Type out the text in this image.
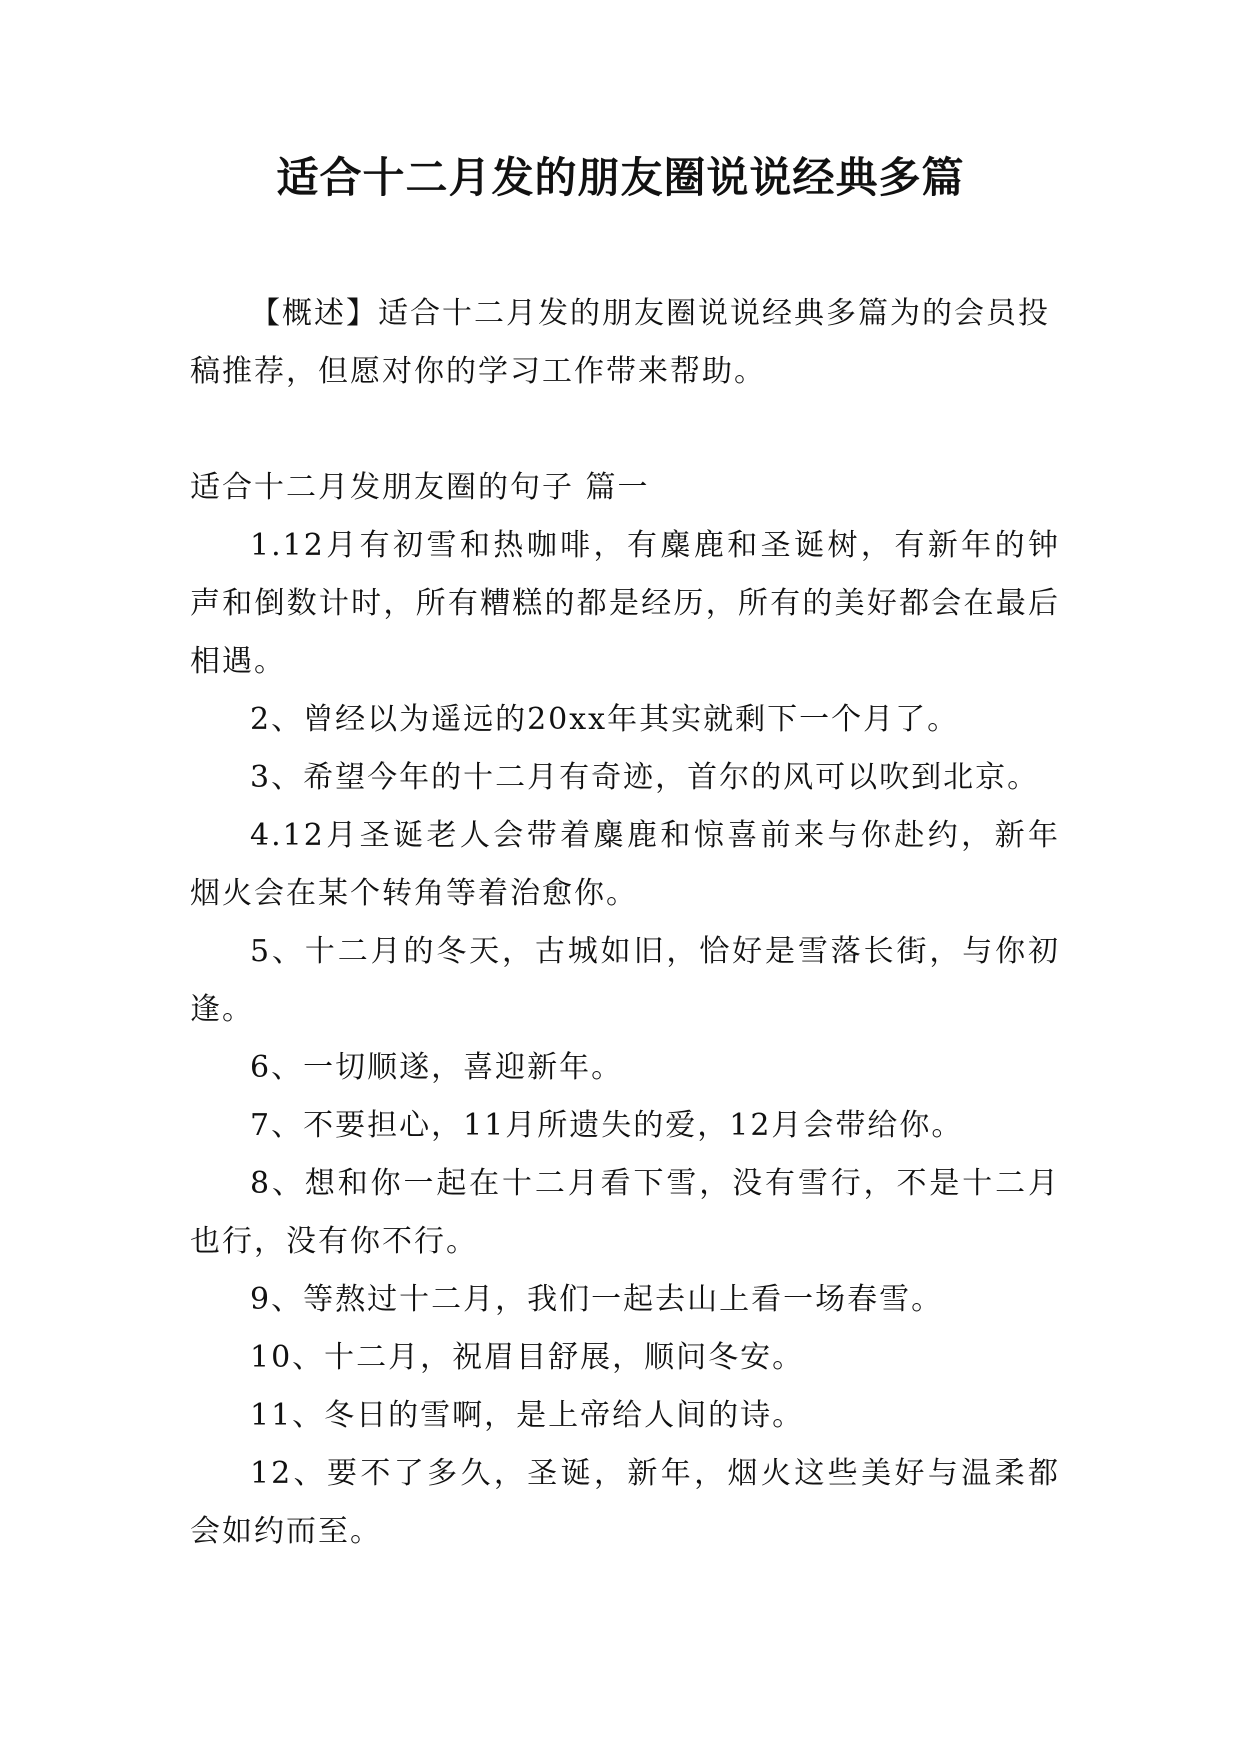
适合十二月发的朋友圈说说经典多篇

【概述】适合十二月发的朋友圈说说经典多篇为的会员投稿推荐，但愿对你的学习工作带来帮助。

适合十二月发朋友圈的句子 篇一

1.12月有初雪和热咖啡，有麋鹿和圣诞树，有新年的钟声和倒数计时，所有糟糕的都是经历，所有的美好都会在最后相遇。

2、曾经以为遥远的20xx年其实就剩下一个月了。

3、希望今年的十二月有奇迹，首尔的风可以吹到北京。

4.12月圣诞老人会带着麋鹿和惊喜前来与你赴约，新年烟火会在某个转角等着治愈你。

5、十二月的冬天，古城如旧，恰好是雪落长街，与你初逢。

6、一切顺遂，喜迎新年。

7、不要担心，11月所遗失的爱，12月会带给你。

8、想和你一起在十二月看下雪，没有雪行，不是十二月也行，没有你不行。

9、等熬过十二月，我们一起去山上看一场春雪。

10、十二月，祝眉目舒展，顺问冬安。

11、冬日的雪啊，是上帝给人间的诗。

12、要不了多久，圣诞，新年，烟火这些美好与温柔都会如约而至。
